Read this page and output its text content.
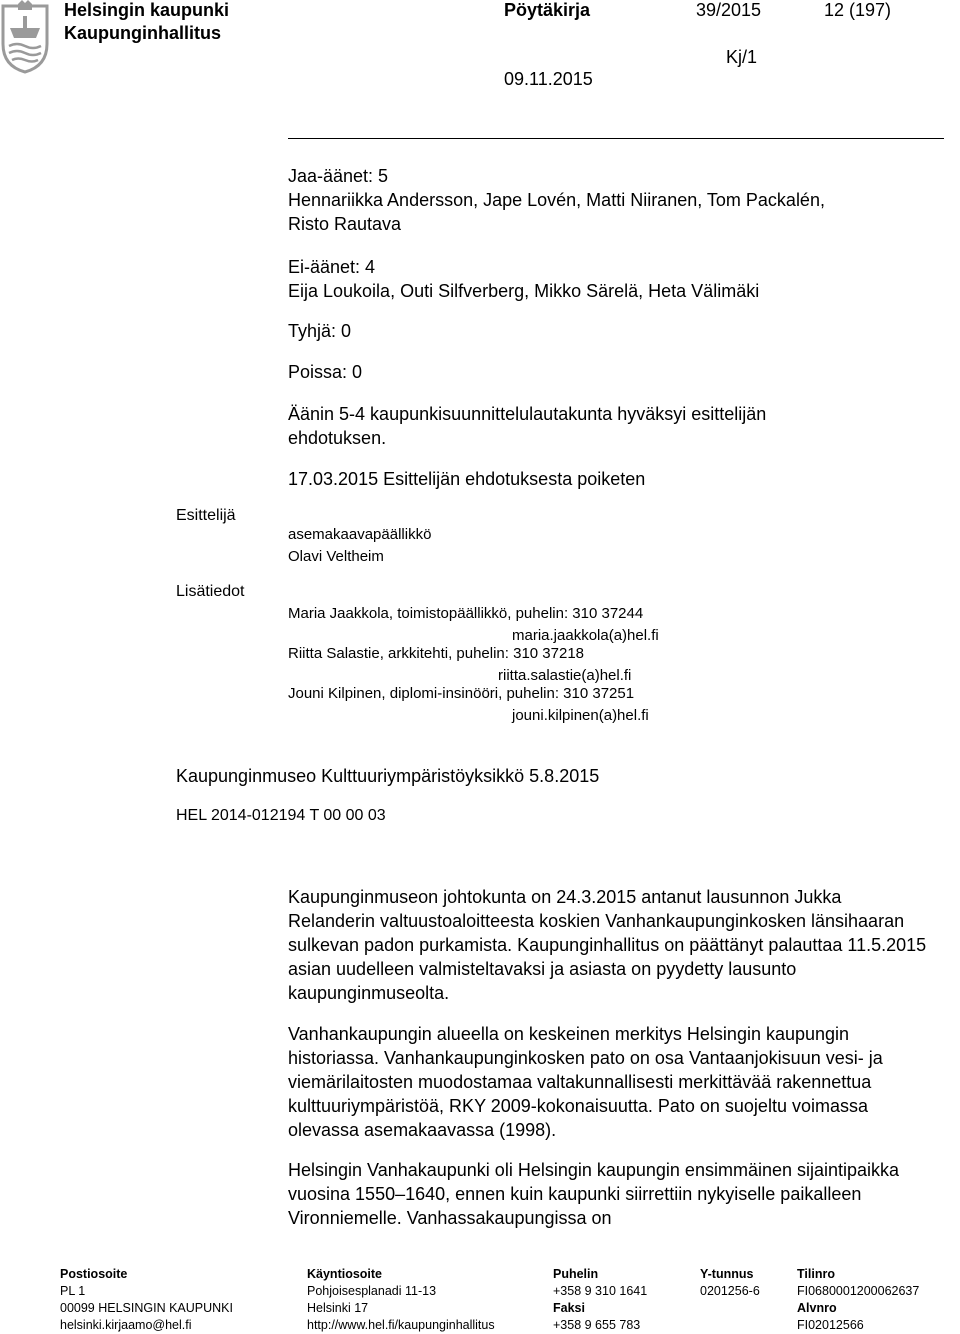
Helsingin kaupunki
Kaupunginhallitus
Pöytäkirja	39/2015	12 (197)
Kj/1
09.11.2015
Jaa-äänet: 5
Hennariikka Andersson, Jape Lovén, Matti Niiranen, Tom Packalén,
Risto Rautava
Ei-äänet: 4
Eija Loukoila, Outi Silfverberg, Mikko Särelä, Heta Välimäki
Tyhjä: 0
Poissa: 0
Äänin 5-4 kaupunkisuunnittelulautakunta hyväksyi esittelijän
ehdotuksen.
17.03.2015 Esittelijän ehdotuksesta poiketen
Esittelijä
asemakaavapäällikkö
Olavi Veltheim
Lisätiedot
Maria Jaakkola, toimistopäällikkö, puhelin: 310 37244
maria.jaakkola(a)hel.fi
Riitta Salastie, arkkitehti, puhelin: 310 37218
riitta.salastie(a)hel.fi
Jouni Kilpinen, diplomi-insinööri, puhelin: 310 37251
jouni.kilpinen(a)hel.fi
Kaupunginmuseo Kulttuuriympäristöyksikkö 5.8.2015
HEL 2014-012194 T 00 00 03

Kaupunginmuseon johtokunta on 24.3.2015 antanut lausunnon Jukka Relanderin valtuustoaloitteesta koskien Vanhankaupunginkosken länsihaaran sulkevan padon purkamista. Kaupunginhallitus on päättänyt palauttaa 11.5.2015 asian uudelleen valmisteltavaksi ja asiasta on pyydetty lausunto kaupunginmuseolta.

Vanhankaupungin alueella on keskeinen merkitys Helsingin kaupungin historiassa. Vanhankaupunginkosken pato on osa Vantaanjokisuun vesi- ja viemärilaitosten muodostamaa valtakunnallisesti merkittävää rakennettua kulttuuriympäristöä, RKY 2009-kokonaisuutta. Pato on suojeltu voimassa olevassa asemakaavassa (1998).

Helsingin Vanhakaupunki oli Helsingin kaupungin ensimmäinen sijaintipaikka vuosina 1550–1640, ennen kuin kaupunki siirrettiin nykyiselle paikalleen Vironniemelle. Vanhassakaupungissa on

Postiosoite
PL 1
00099 HELSINGIN KAUPUNKI
helsinki.kirjaamo@hel.fi
Käyntiosoite
Pohjoisesplanadi 11-13
Helsinki 17
http://www.hel.fi/kaupunginhallitus
Puhelin
+358 9 310 1641
Faksi
+358 9 655 783
Y-tunnus
0201256-6
Tilinro
FI0680001200062637
Alvnro
FI02012566
